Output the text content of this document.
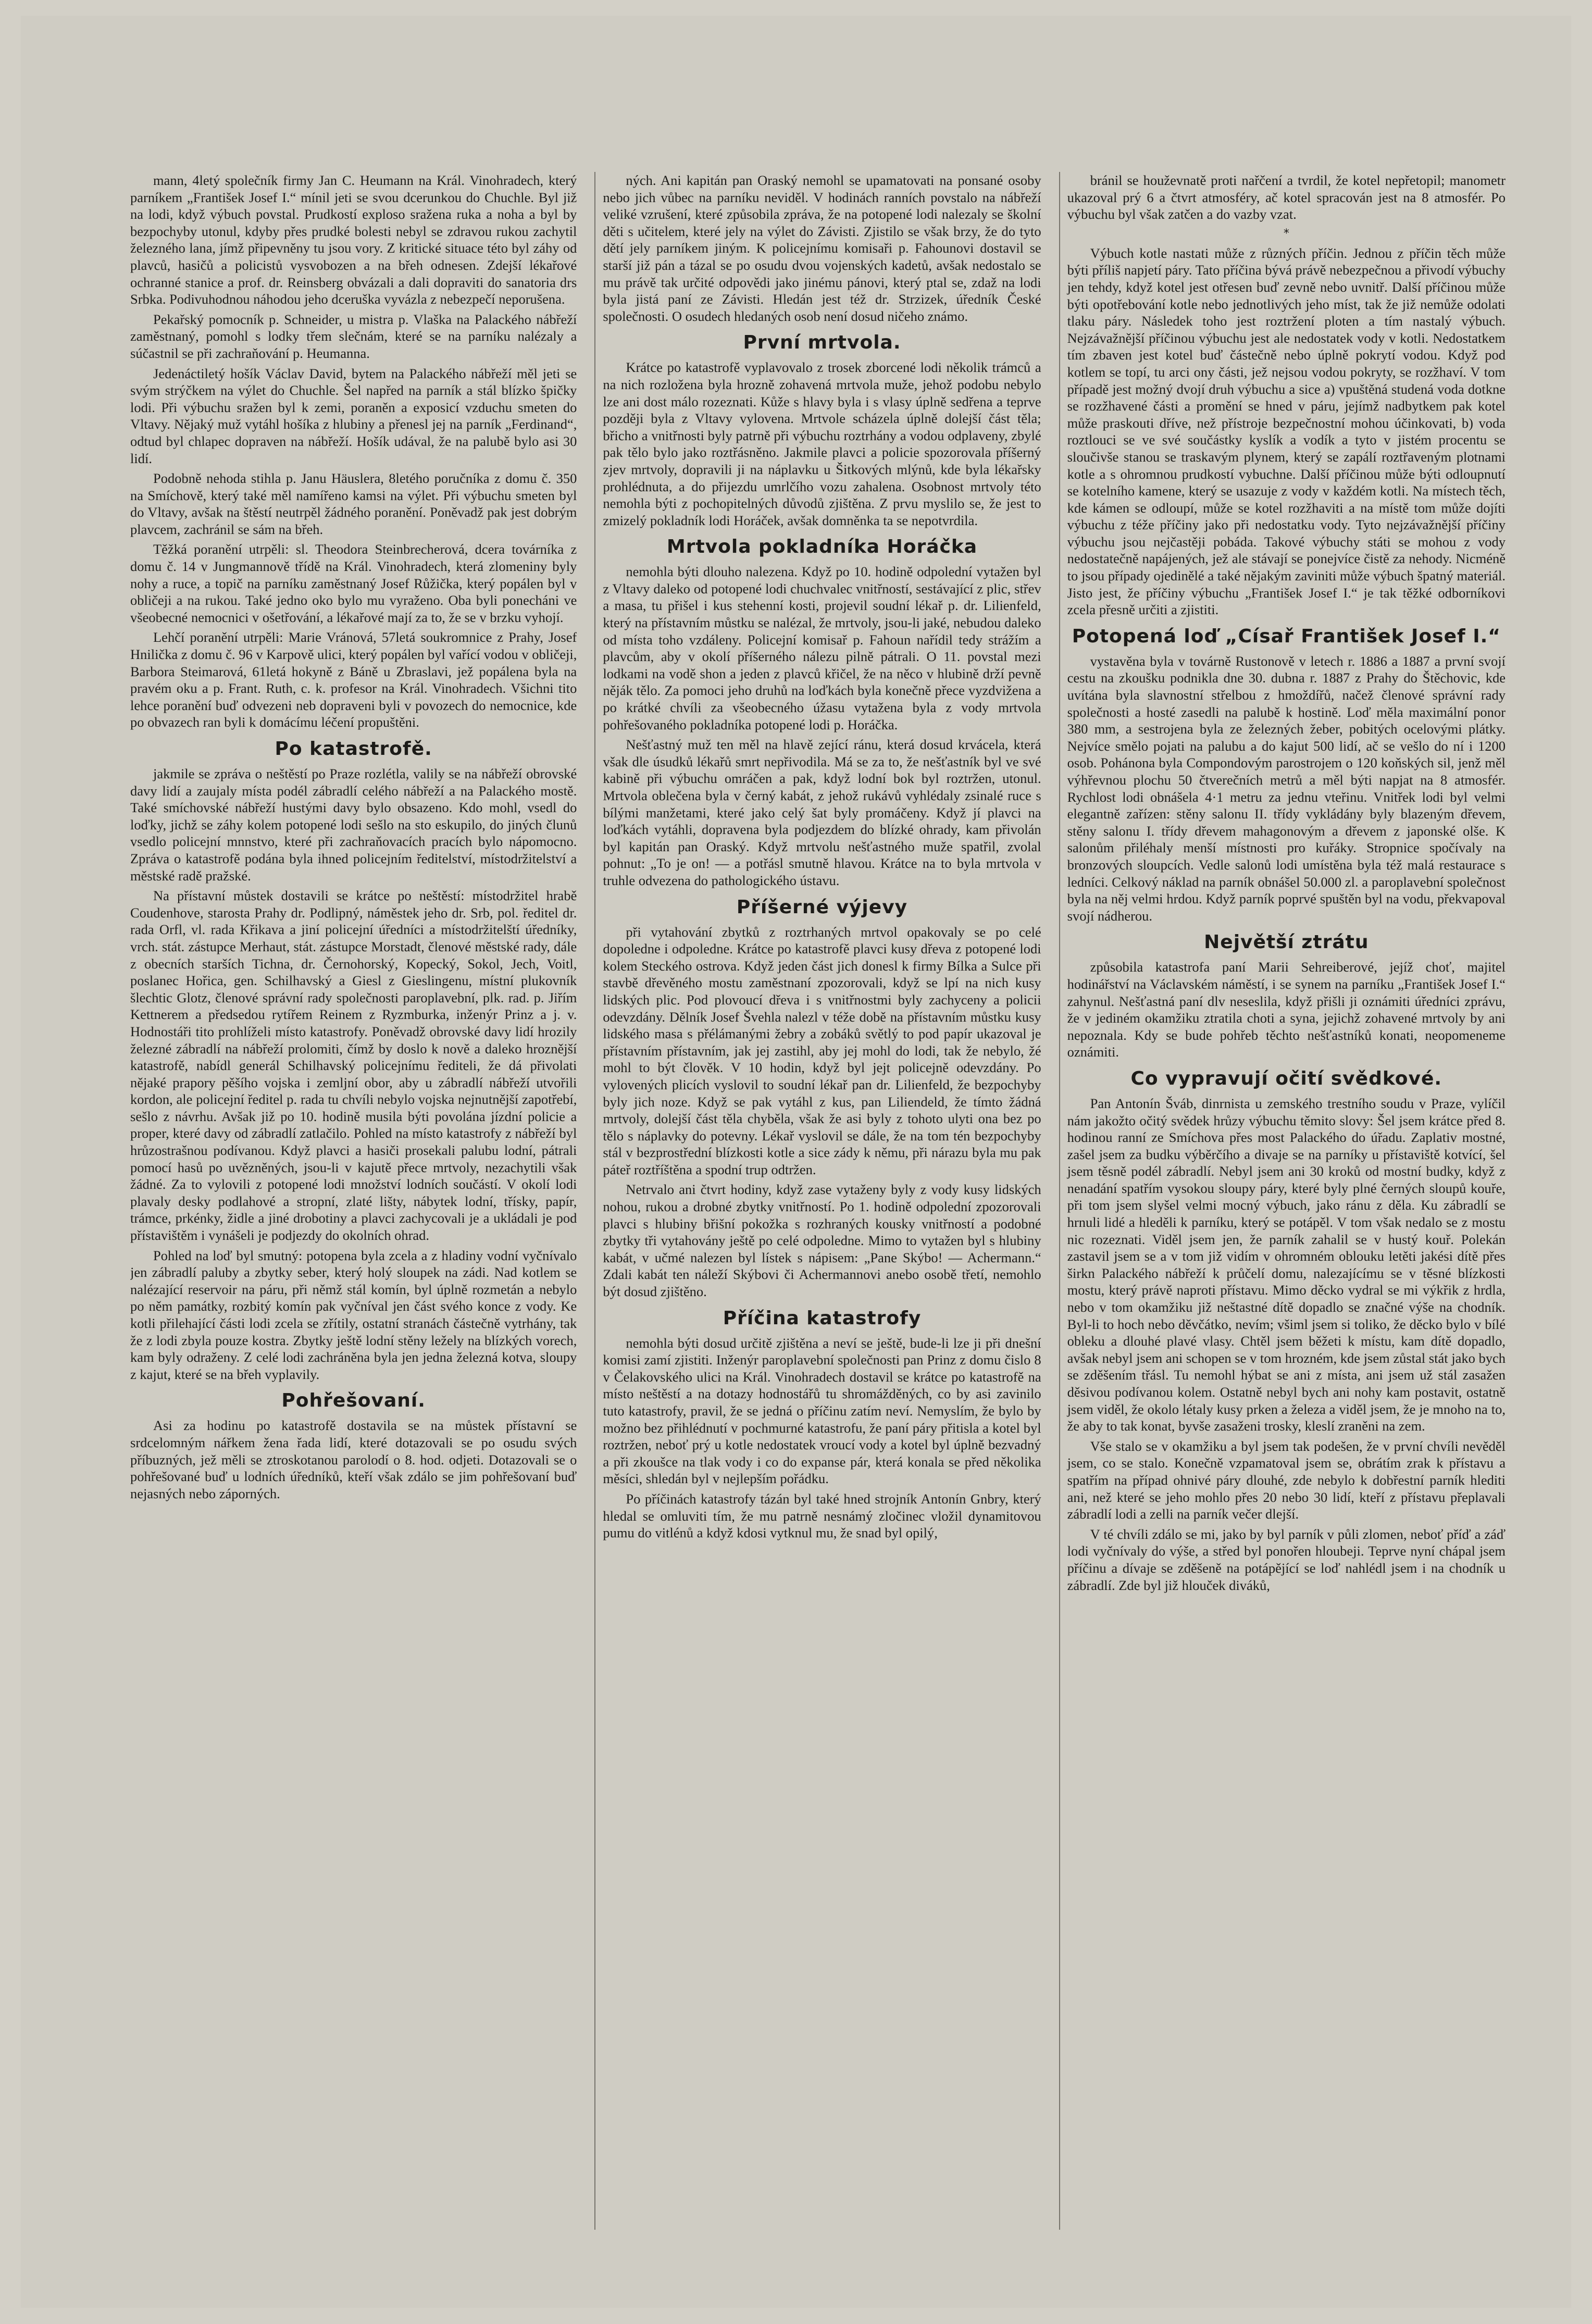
mann, 4letý společník firmy Jan C. Heumann na Král. Vinohradech, který parníkem „František Josef I.“ mínil jeti se svou dcerunkou do Chuchle. Byl již na lodi, když výbuch povstal. Prudkostí exploso sražena ruka a noha a byl by bezpochyby utonul, kdyby přes prudké bolesti nebyl se zdravou rukou zachytil železného lana, jímž připevněny tu jsou vory. Z kritické situace této byl záhy od plavců, hasičů a policistů vysvobozen a na břeh odnesen. Zdejší lékařové ochranné stanice a prof. dr. Reinsberg obvázali a dali dopraviti do sanatoria drs Srbka. Podivuhodnou náhodou jeho dceruška vyvázla z nebezpečí neporušena.

Pekařský pomocník p. Schneider, u mistra p. Vlaška na Palackého nábřeží zaměstnaný, pomohl s lodky třem slečnám, které se na parníku nalézaly a súčastnil se při zachraňování p. Heumanna.

Jedenáctiletý hošík Václav David, bytem na Palackého nábřeží měl jeti se svým strýčkem na výlet do Chuchle. Šel napřed na parník a stál blízko špičky lodi. Při výbuchu sražen byl k zemi, poraněn a exposicí vzduchu smeten do Vltavy. Nějaký muž vytáhl hošíka z hlubiny a přenesl jej na parník „Ferdinand“, odtud byl chlapec dopraven na nábřeží. Hošík udával, že na palubě bylo asi 30 lidí.

Podobně nehoda stihla p. Janu Häuslera, 8letého poručníka z domu č. 350 na Smíchově, který také měl namířeno kamsi na výlet. Při výbuchu smeten byl do Vltavy, avšak na štěstí neutrpěl žádného poranění. Poněvadž pak jest dobrým plavcem, zachránil se sám na břeh.

Těžká poranění utrpěli: sl. Theodora Steinbrecherová, dcera továrníka z domu č. 14 v Jungmannově třídě na Král. Vinohradech, která zlomeniny byly nohy a ruce, a topič na parníku zaměstnaný Josef Růžička, který popálen byl v obličeji a na rukou. Také jedno oko bylo mu vyraženo. Oba byli ponecháni ve všeobecné nemocnici v ošetřování, a lékařové mají za to, že se v brzku vyhojí.

Lehčí poranění utrpěli: Marie Vránová, 57letá soukromnice z Prahy, Josef Hnilička z domu č. 96 v Karpově ulici, který popálen byl vařící vodou v obličeji, Barbora Steimarová, 61letá hokyně z Báně u Zbraslavi, jež popálena byla na pravém oku a p. Frant. Ruth, c. k. profesor na Král. Vinohradech. Všichni tito lehce poranění buď odvezeni neb dopraveni byli v povozech do nemocnice, kde po obvazech ran byli k domácímu léčení propuštěni.

Po katastrofě.

jakmile se zpráva o neštěstí po Praze rozlétla, valily se na nábřeží obrovské davy lidí a zaujaly místa podél zábradlí celého nábřeží a na Palackého mostě. Také smíchovské nábřeží hustými davy bylo obsazeno. Kdo mohl, vsedl do loďky, jichž se záhy kolem potopené lodi sešlo na sto eskupilo, do jiných člunů vsedlo policejní mnnstvo, které při zachraňovacích pracích bylo nápomocno. Zpráva o katastrofě podána byla ihned policejním ředitelství, místodržitelství a městské radě pražské.

Na přístavní můstek dostavili se krátce po neštěstí: místodržitel hrabě Coudenhove, starosta Prahy dr. Podlipný, náměstek jeho dr. Srb, pol. ředitel dr. rada Orfl, vl. rada Křikava a jiní policejní úředníci a místodržitelští úředníky, vrch. stát. zástupce Merhaut, stát. zástupce Morstadt, členové městské rady, dále z obecních starších Tichna, dr. Černohorský, Kopecký, Sokol, Jech, Voitl, poslanec Hořica, gen. Schilhavský a Giesl z Gieslingenu, místní plukovník šlechtic Glotz, členové správní rady společnosti paroplavební, plk. rad. p. Jiřím Kettnerem a předsedou rytířem Reinem z Ryzmburka, inženýr Prinz a j. v. Hodnostáři tito prohlíželi místo katastrofy. Poněvadž obrovské davy lidí hrozily železné zábradlí na nábřeží prolomiti, čímž by doslo k nově a daleko hroznější katastrofě, nabídl generál Schilhavský policejnímu řediteli, že dá přivolati nějaké prapory pěšího vojska i zemljní obor, aby u zábradlí nábřeží utvořili kordon, ale policejní ředitel p. rada tu chvíli nebylo vojska nejnutnější zapotřebí, sešlo z návrhu. Avšak již po 10. hodině musila býti povolána jízdní policie a proper, které davy od zábradlí zatlačilo. Pohled na místo katastrofy z nábřeží byl hrůzostrašnou podívanou. Když plavci a hasiči prosekali palubu lodní, pátrali pomocí hasů po uvězněných, jsou-li v kajutě přece mrtvoly, nezachytili však žádné. Za to vylovili z potopené lodi množství lodních součástí. V okolí lodi plavaly desky podlahové a stropní, zlaté lišty, nábytek lodní, třísky, papír, trámce, prkénky, židle a jiné drobotiny a plavci zachycovali je a ukládali je pod přístavištěm i vynášeli je podjezdy do okolních ohrad.

Pohled na loď byl smutný: potopena byla zcela a z hladiny vodní vyčnívalo jen zábradlí paluby a zbytky seber, který holý sloupek na zádi. Nad kotlem se nalézající reservoir na páru, při němž stál komín, byl úplně rozmetán a nebylo po něm památky, rozbitý komín pak vyčníval jen část svého konce z vody. Ke kotli přilehající části lodi zcela se zřítily, ostatní stranách částečně vytrhány, tak že z lodi zbyla pouze kostra. Zbytky ještě lodní stěny ležely na blízkých vorech, kam byly odraženy. Z celé lodi zachráněna byla jen jedna železná kotva, sloupy z kajut, které se na břeh vyplavily.

Pohřešovaní.

Asi za hodinu po katastrofě dostavila se na můstek přístavní se srdcelomným nářkem žena řada lidí, které dotazovali se po osudu svých příbuzných, jež měli se ztroskotanou parolodí o 8. hod. odjeti. Dotazovali se o pohřešované buď u lodních úředníků, kteří však zdálo se jim pohřešovaní buď nejasných nebo záporných.

ných. Ani kapitán pan Oraský nemohl se upamatovati na ponsané osoby nebo jich vůbec na parníku neviděl. V hodinách ranních povstalo na nábřeží veliké vzrušení, které způsobila zpráva, že na potopené lodi nalezaly se školní děti s učitelem, které jely na výlet do Závisti. Zjistilo se však brzy, že do tyto dětí jely parníkem jiným. K policejnímu komisaři p. Fahounovi dostavil se starší již pán a tázal se po osudu dvou vojenských kadetů, avšak nedostalo se mu právě tak určité odpovědi jako jinému pánovi, který ptal se, zdaž na lodi byla jistá paní ze Závisti. Hledán jest též dr. Strzizek, úředník České společnosti. O osudech hledaných osob není dosud ničeho známo.

První mrtvola.

Krátce po katastrofě vyplavovalo z trosek zborcené lodi několik trámců a na nich rozložena byla hrozně zohavená mrtvola muže, jehož podobu nebylo lze ani dost málo rozeznati. Kůže s hlavy byla i s vlasy úplně sedřena a teprve později byla z Vltavy vylovena. Mrtvole scházela úplně dolejší část těla; břicho a vnitřnosti byly patrně při výbuchu roztrhány a vodou odplaveny, zbylé pak tělo bylo jako roztřásněno. Jakmile plavci a policie spozorovala příšerný zjev mrtvoly, dopravili ji na náplavku u Šitkových mlýnů, kde byla lékařsky prohlédnuta, a do přijezdu umrlčího vozu zahalena. Osobnost mrtvoly této nemohla býti z pochopitelných důvodů zjištěna. Z prvu myslilo se, že jest to zmizelý pokladník lodi Horáček, avšak domněnka ta se nepotvrdila.

Mrtvola pokladníka Horáčka

nemohla býti dlouho nalezena. Když po 10. hodině odpolední vytažen byl z Vltavy daleko od potopené lodi chuchvalec vnitřností, sestávající z plic, střev a masa, tu přišel i kus stehenní kosti, projevil soudní lékař p. dr. Lilienfeld, který na přístavním můstku se nalézal, že mrtvoly, jsou-li jaké, nebudou daleko od místa toho vzdáleny. Policejní komisař p. Fahoun nařídil tedy strážím a plavcům, aby v okolí příšerného nálezu pilně pátrali. O 11. povstal mezi lodkami na vodě shon a jeden z plavců křičel, že na něco v hlubině drží pevně něják tělo. Za pomoci jeho druhů na loďkách byla konečně přece vyzdvižena a po krátké chvíli za všeobecného úžasu vytažena byla z vody mrtvola pohřešovaného pokladníka potopené lodi p. Horáčka.

Nešťastný muž ten měl na hlavě zející ránu, která dosud krvácela, která však dle úsudků lékařů smrt nepřivodila. Má se za to, že nešťastník byl ve své kabině při výbuchu omráčen a pak, když lodní bok byl roztržen, utonul. Mrtvola oblečena byla v černý kabát, z jehož rukávů vyhlédaly zsinalé ruce s bílými manžetami, které jako celý šat byly promáčeny. Když jí plavci na loďkách vytáhli, dopravena byla podjezdem do blízké ohrady, kam přivolán byl kapitán pan Oraský. Když mrtvolu nešťastného muže spatřil, zvolal pohnut: „To je on! — a potřásl smutně hlavou. Krátce na to byla mrtvola v truhle odvezena do pathologického ústavu.

Příšerné výjevy

při vytahování zbytků z roztrhaných mrtvol opakovaly se po celé dopoledne i odpoledne. Krátce po katastrofě plavci kusy dřeva z potopené lodi kolem Steckého ostrova. Když jeden část jich donesl k firmy Bílka a Sulce při stavbě dřevěného mostu zaměstnaní zpozorovali, když se lpí na nich kusy lidských plic. Pod plovoucí dřeva i s vnitřnostmi byly zachyceny a policii odevzdány. Dělník Josef Švehla nalezl v téže době na přístavním můstku kusy lidského masa s přélámanými žebry a zobáků světlý to pod papír ukazoval je přístavním přístavním, jak jej zastihl, aby jej mohl do lodi, tak že nebylo, žé mohl to být člověk. V 10 hodin, když byl jejt policejně odevzdány. Po vylovených plicích vyslovil to soudní lékař pan dr. Lilienfeld, že bezpochyby byly jich noze. Když se pak vytáhl z kus, pan Liliendeld, že tímto žádná mrtvoly, dolejší část těla chyběla, však že asi byly z tohoto ulyti ona bez po tělo s náplavky do potevny. Lékař vyslovil se dále, že na tom tén bezpochyby stál v bezprostřední blízkosti kotle a sice zády k němu, při nárazu byla mu pak páteř roztříštěna a spodní trup odtržen.

Netrvalo ani čtvrt hodiny, když zase vytaženy byly z vody kusy lidských nohou, rukou a drobné zbytky vnitřností. Po 1. hodině odpolední zpozorovali plavci s hlubiny břišní pokožka s rozhraných kousky vnitřností a podobné zbytky tři vytahovány ještě po celé odpoledne. Mimo to vytažen byl s hlubiny kabát, v učmé nalezen byl lístek s nápisem: „Pane Skýbo! — Achermann.“ Zdali kabát ten náleží Skýbovi či Achermannovi anebo osobě třetí, nemohlo být dosud zjištěno.

Příčina katastrofy

nemohla býti dosud určitě zjištěna a neví se ještě, bude-li lze ji při dnešní komisi zamí zjistiti. Inženýr paroplavební společnosti pan Prinz z domu čislo 8 v Čelakovského ulici na Král. Vinohradech dostavil se krátce po katastrofě na místo neštěstí a na dotazy hodnostářů tu shromážděných, co by asi zavinilo tuto katastrofy, pravil, že se jedná o příčinu zatím neví. Nemyslím, že bylo by možno bez přihlédnutí v pochmurné katastrofu, že paní páry přitisla a kotel byl roztržen, neboť prý u kotle nedostatek vroucí vody a kotel byl úplně bezvadný a při zkoušce na tlak vody i co do expanse pár, která konala se před několika měsíci, shledán byl v nejlepším pořádku.

Po příčinách katastrofy tázán byl také hned strojník Antonín Gnbry, který hledal se omluviti tím, že mu patrně nesnámý zločinec vložil dynamitovou pumu do vitlénů a když kdosi vytknul mu, že snad byl opilý,

bránil se houževnatě proti nařčení a tvrdil, že kotel nepřetopil; manometr ukazoval prý 6 a čtvrt atmosféry, ač kotel spracován jest na 8 atmosfér. Po výbuchu byl však zatčen a do vazby vzat.

*

Výbuch kotle nastati může z různých příčin. Jednou z příčin těch může býti příliš napjetí páry. Tato příčina bývá právě nebezpečnou a přivodí výbuchy jen tehdy, když kotel jest otřesen buď zevně nebo uvnitř. Další příčinou může býti opotřebování kotle nebo jednotlivých jeho míst, tak že již nemůže odolati tlaku páry. Následek toho jest roztržení ploten a tím nastalý výbuch. Nejzávažnější příčinou výbuchu jest ale nedostatek vody v kotli. Nedostatkem tím zbaven jest kotel buď částečně nebo úplně pokrytí vodou. Když pod kotlem se topí, tu arci ony části, jež nejsou vodou pokryty, se rozžhaví. V tom případě jest možný dvojí druh výbuchu a sice a) vpuštěná studená voda dotkne se rozžhavené části a promění se hned v páru, jejímž nadbytkem pak kotel může praskouti dříve, než přístroje bezpečnostní mohou účinkovati, b) voda roztlouci se ve své součástky kyslík a vodík a tyto v jistém procentu se sloučivše stanou se traskavým plynem, který se zapálí roztřaveným plotnami kotle a s ohromnou prudkostí vybuchne. Další příčinou může býti odloupnutí se kotelního kamene, který se usazuje z vody v každém kotli. Na místech těch, kde kámen se odloupí, může se kotel rozžhaviti a na místě tom může dojíti výbuchu z téže příčiny jako při nedostatku vody. Tyto nejzávažnější příčiny výbuchu jsou nejčastěji pobáda. Takové výbuchy státi se mohou z vody nedostatečně napájených, jež ale stávají se ponejvíce čistě za nehody. Nicméně to jsou případy ojedinělé a také nějakým zaviniti může výbuch špatný materiál. Jisto jest, že příčiny výbuchu „František Josef I.“ je tak těžké odborníkovi zcela přesně určiti a zjistiti.

Potopená loď „Císař František Josef I.“

vystavěna byla v továrně Rustonově v letech r. 1886 a 1887 a první svojí cestu na zkoušku podnikla dne 30. dubna r. 1887 z Prahy do Štěchovic, kde uvítána byla slavnostní střelbou z hmoždířů, načež členové správní rady společnosti a hosté zasedli na palubě k hostině. Loď měla maximální ponor 380 mm, a sestrojena byla ze železných žeber, pobitých ocelovými plátky. Nejvíce smělo pojati na palubu a do kajut 500 lidí, ač se vešlo do ní i 1200 osob. Pohánona byla Compondovým parostrojem o 120 koňských sil, jenž měl výhřevnou plochu 50 čtverečních metrů a měl býti napjat na 8 atmosfér. Rychlost lodi obnášela 4·1 metru za jednu vteřinu. Vnitřek lodi byl velmi elegantně zařízen: stěny salonu II. třídy vykládány byly blazeným dřevem, stěny salonu I. třídy dřevem mahagonovým a dřevem z japonské olše. K salonům přiléhaly menší místnosti pro kuřáky. Stropnice spočívaly na bronzových sloupcích. Vedle salonů lodi umístěna byla též malá restaurace s ledníci. Celkový náklad na parník obnášel 50.000 zl. a paroplavební společnost byla na něj velmi hrdou. Když parník poprvé spuštěn byl na vodu, překvapoval svojí nádherou.

Největší ztrátu

způsobila katastrofa paní Marii Sehreiberové, jejíž choť, majitel hodinářství na Václavském náměstí, i se synem na parníku „František Josef I.“ zahynul. Nešťastná paní dlv neseslila, když přišli ji oznámiti úředníci zprávu, že v jediném okamžiku ztratila choti a syna, jejichž zohavené mrtvoly by ani nepoznala. Kdy se bude pohřeb těchto nešťastníků konati, neopomeneme oznámiti.

Co vypravují očití svědkové.

Pan Antonín Šváb, dinrnista u zemského trestního soudu v Praze, vylíčil nám jakožto očitý svědek hrůzy výbuchu těmito slovy: Šel jsem krátce před 8. hodinou ranní ze Smíchova přes most Palackého do úřadu. Zaplativ mostné, zašel jsem za budku výběrčího a divaje se na parníky u přístaviště kotvící, šel jsem těsně podél zábradlí. Nebyl jsem ani 30 kroků od mostní budky, když z nenadání spatřím vysokou sloupy páry, které byly plné černých sloupů kouře, při tom jsem slyšel velmi mocný výbuch, jako ránu z děla. Ku zábradlí se hrnuli lidé a hleděli k parníku, který se potápěl. V tom však nedalo se z mostu nic rozeznati. Viděl jsem jen, že parník zahalil se v hustý kouř. Polekán zastavil jsem se a v tom již vidím v ohromném oblouku letěti jakési dítě přes širkn Palackého nábřeží k průčelí domu, nalezajícímu se v těsné blízkosti mostu, který právě naproti přístavu. Mimo děcko vydral se mi výkřik z hrdla, nebo v tom okamžiku již neštastné dítě dopadlo se značné výše na chodník. Byl-li to hoch nebo děvčátko, nevím; všiml jsem si toliko, že děcko bylo v bílé obleku a dlouhé plavé vlasy. Chtěl jsem běžeti k místu, kam dítě dopadlo, avšak nebyl jsem ani schopen se v tom hrozném, kde jsem zůstal stát jako bych se zděšením třásl. Tu nemohl hýbat se ani z místa, ani jsem už stál zasažen děsivou podívanou kolem. Ostatně nebyl bych ani nohy kam postavit, ostatně jsem viděl, že okolo létaly kusy prken a železa a viděl jsem, že je mnoho na to, že aby to tak konat, byvše zasaženi trosky, kleslí zraněni na zem.

Vše stalo se v okamžiku a byl jsem tak podešen, že v první chvíli nevěděl jsem, co se stalo. Konečně vzpamatoval jsem se, obrátím zrak k přístavu a spatřím na případ ohnivé páry dlouhé, zde nebylo k dobřestní parník hlediti ani, než které se jeho mohlo přes 20 nebo 30 lidí, kteří z přístavu přeplavali zábradlí lodi a zelli na parník večer dlejší.

V té chvíli zdálo se mi, jako by byl parník v půli zlomen, neboť příď a záď lodi vyčnívaly do výše, a střed byl ponořen hloubeji. Teprve nyní chápal jsem příčinu a dívaje se zděšeně na potápějící se loď nahlédl jsem i na chodník u zábradlí. Zde byl již hlouček diváků,
